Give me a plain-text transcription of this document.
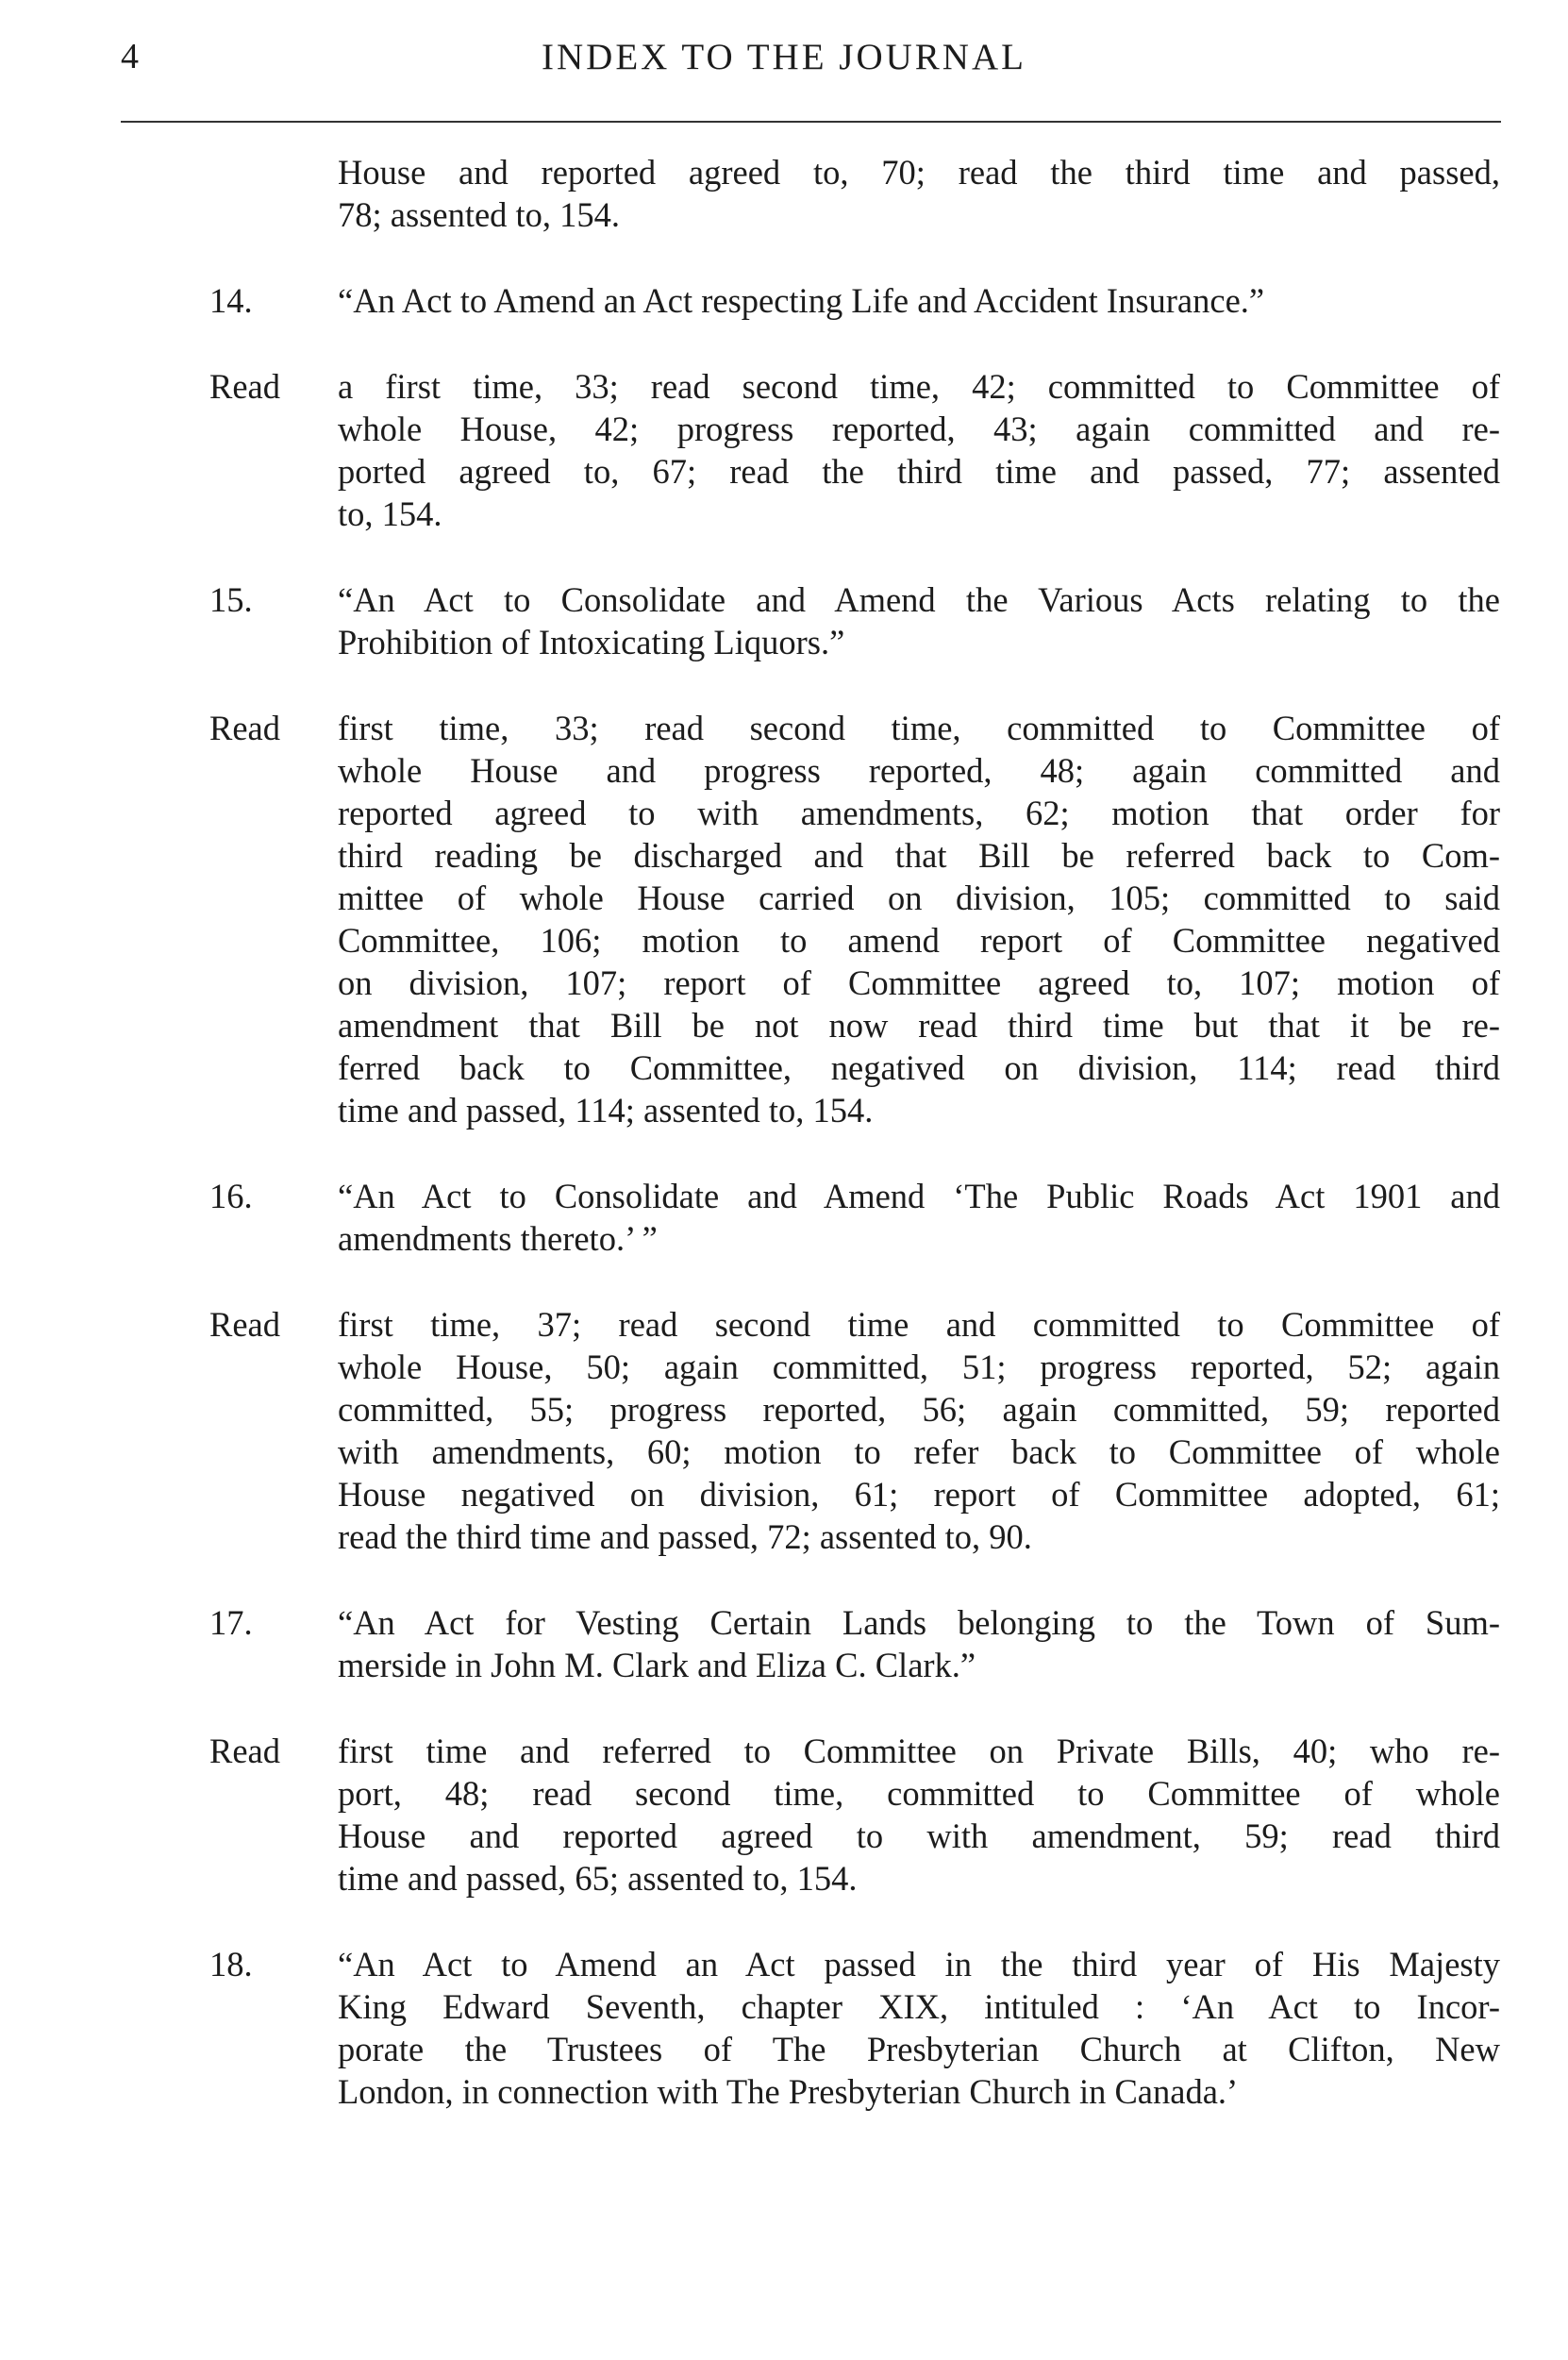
4	INDEX TO THE JOURNAL
House and reported agreed to, 70; read the third time and passed,
78; assented to, 154.
14. “An Act to Amend an Act respecting Life and Accident Insurance.”
Read a first time, 33; read second time, 42; committed to Committee of
whole House, 42; progress reported, 43; again committed and re-
ported agreed to, 67; read the third time and passed, 77; assented
to, 154.
15. “An Act to Consolidate and Amend the Various Acts relating to the
Prohibition of Intoxicating Liquors.”
Read first time, 33; read second time, committed to Committee of
whole House and progress reported, 48; again committed and
reported agreed to with amendments, 62; motion that order for
third reading be discharged and that Bill be referred back to Com-
mittee of whole House carried on division, 105; committed to said
Committee, 106; motion to amend report of Committee negatived
on division, 107; report of Committee agreed to, 107; motion of
amendment that Bill be not now read third time but that it be re-
ferred back to Committee, negatived on division, 114; read third
time and passed, 114; assented to, 154.
16. “An Act to Consolidate and Amend ‘The Public Roads Act 1901 and
amendments thereto.’ ”
Read first time, 37; read second time and committed to Committee of
whole House, 50; again committed, 51; progress reported, 52; again
committed, 55; progress reported, 56; again committed, 59; reported
with amendments, 60; motion to refer back to Committee of whole
House negatived on division, 61; report of Committee adopted, 61;
read the third time and passed, 72; assented to, 90.
17. “An Act for Vesting Certain Lands belonging to the Town of Sum-
merside in John M. Clark and Eliza C. Clark.”
Read first time and referred to Committee on Private Bills, 40; who re-
port, 48; read second time, committed to Committee of whole
House and reported agreed to with amendment, 59; read third
time and passed, 65; assented to, 154.
18. “An Act to Amend an Act passed in the third year of His Majesty
King Edward Seventh, chapter XIX, intituled : ‘An Act to Incor-
porate the Trustees of The Presbyterian Church at Clifton, New
London, in connection with The Presbyterian Church in Canada.’
